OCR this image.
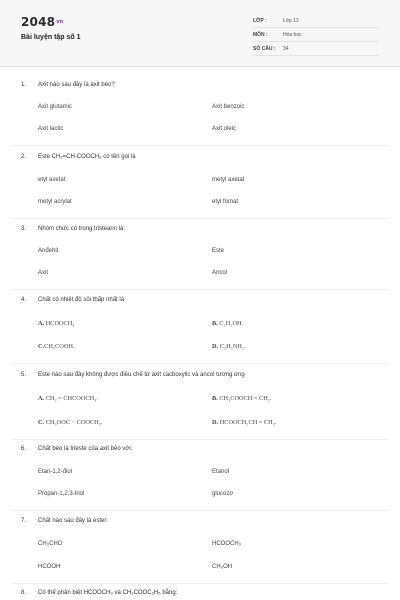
$2048^{vn}$
Bài luyện tập số 1
LỚP :	Lớp 12
MÔN :	Hóa học
SỐ CÂU : 34
1. Axit nào sau đây là axit béo?
Axit glutamic	Axit benzoic
Axit lactic	Axit oleic
2. Este CH₂=CH-COOCH₃ có tên gọi là
etyl axetat	metyl axetat
metyl acrylat	etyl fomat
3. Nhóm chức có trong tristearin là:
Anđehit	Este
Axit	Ancol
4. Chất có nhiệt độ sôi thấp nhất là
A. HCOOCH₃	B. C₂H₅OH.
C.CH₃COOH.	D. C₂H₅NH₂.
5. Este nào sau đây không được điều chế từ axit cacboxylic và ancol tương ứng
A. CH₂ = CHCOOCH₃.	B. CH₃COOCH = CH₂.
C. CH₃OOC − COOCH₃.	D. HCOOCH₂CH = CH₂.
6. Chất béo là trieste của axit béo với:
Etan-1,2-điol	Etanol
Propan-1,2,3-triol	glucozơ
7. Chất nào sau đây là ester:
CH₃CHO	HCOOCH₃
HCOOH	CH₃OH
8. Có thể phân biệt HCOOCH₃ và CH₃COOC₂H₅ bằng:
